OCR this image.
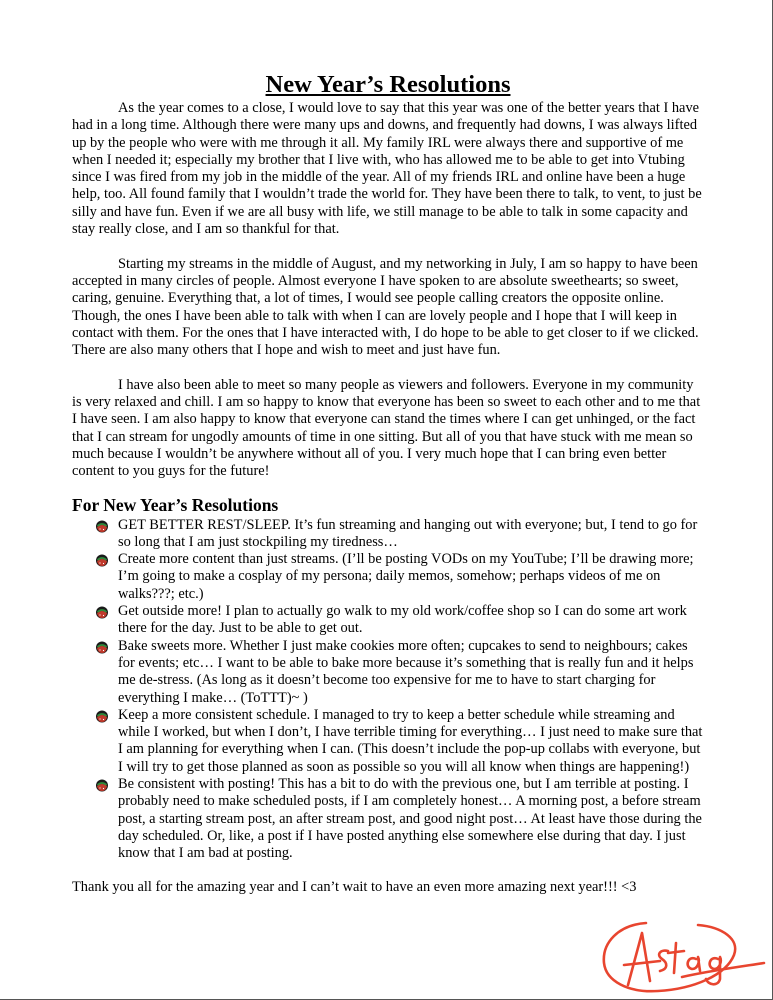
New Year’s Resolutions

As the year comes to a close, I would love to say that this year was one of the better years that I have had in a long time. Although there were many ups and downs, and frequently had downs, I was always lifted up by the people who were with me through it all. My family IRL were always there and supportive of me when I needed it; especially my brother that I live with, who has allowed me to be able to get into Vtubing since I was fired from my job in the middle of the year. All of my friends IRL and online have been a huge help, too. All found family that I wouldn’t trade the world for. They have been there to talk, to vent, to just be silly and have fun. Even if we are all busy with life, we still manage to be able to talk in some capacity and stay really close, and I am so thankful for that.

Starting my streams in the middle of August, and my networking in July, I am so happy to have been accepted in many circles of people. Almost everyone I have spoken to are absolute sweethearts; so sweet, caring, genuine. Everything that, a lot of times, I would see people calling creators the opposite online. Though, the ones I have been able to talk with when I can are lovely people and I hope that I will keep in contact with them. For the ones that I have interacted with, I do hope to be able to get closer to if we clicked. There are also many others that I hope and wish to meet and just have fun.

I have also been able to meet so many people as viewers and followers. Everyone in my community is very relaxed and chill. I am so happy to know that everyone has been so sweet to each other and to me that I have seen. I am also happy to know that everyone can stand the times where I can get unhinged, or the fact that I can stream for ungodly amounts of time in one sitting. But all of you that have stuck with me mean so much because I wouldn’t be anywhere without all of you. I very much hope that I can bring even better content to you guys for the future!

For New Year’s Resolutions
GET BETTER REST/SLEEP. It’s fun streaming and hanging out with everyone; but, I tend to go for so long that I am just stockpiling my tiredness…
Create more content than just streams. (I’ll be posting VODs on my YouTube; I’ll be drawing more; I’m going to make a cosplay of my persona; daily memos, somehow; perhaps videos of me on walks???; etc.)
Get outside more! I plan to actually go walk to my old work/coffee shop so I can do some art work there for the day. Just to be able to get out.
Bake sweets more. Whether I just make cookies more often; cupcakes to send to neighbours; cakes for events; etc… I want to be able to bake more because it’s something that is really fun and it helps me de-stress. (As long as it doesn’t become too expensive for me to have to start charging for everything I make… (ToTTT)~ )
Keep a more consistent schedule. I managed to try to keep a better schedule while streaming and while I worked, but when I don’t, I have terrible timing for everything… I just need to make sure that I am planning for everything when I can. (This doesn’t include the pop-up collabs with everyone, but I will try to get those planned as soon as possible so you will all know when things are happening!)
Be consistent with posting! This has a bit to do with the previous one, but I am terrible at posting. I probably need to make scheduled posts, if I am completely honest… A morning post, a before stream post, a starting stream post, an after stream post, and good night post… At least have those during the day scheduled. Or, like, a post if I have posted anything else somewhere else during that day. I just know that I am bad at posting.

Thank you all for the amazing year and I can’t wait to have an even more amazing next year!!! <3
